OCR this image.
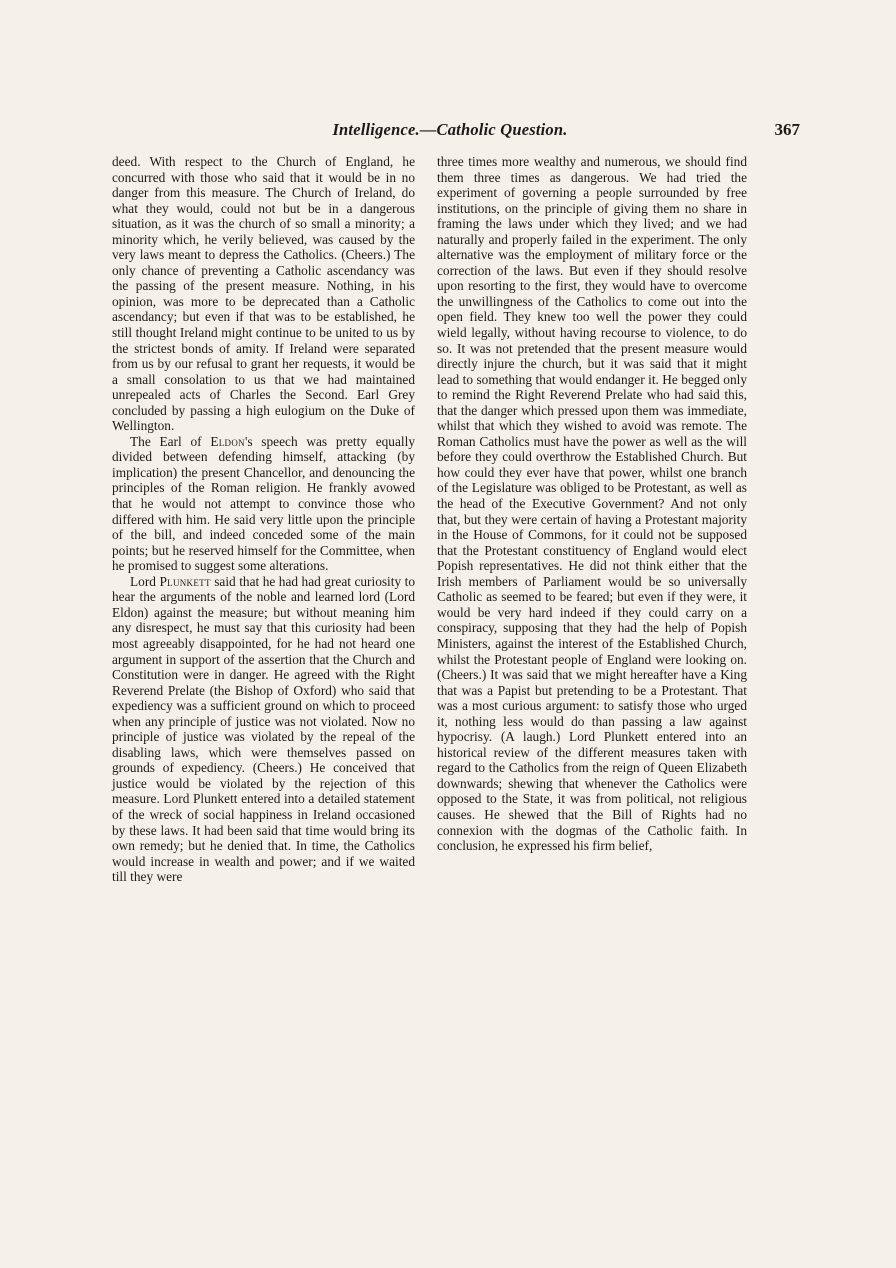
Intelligence.—Catholic Question.	367

deed. With respect to the Church of England, he concurred with those who said that it would be in no danger from this measure. The Church of Ireland, do what they would, could not but be in a dangerous situation, as it was the church of so small a minority; a minority which, he verily believed, was caused by the very laws meant to depress the Catholics. (Cheers.) The only chance of preventing a Catholic ascendancy was the passing of the present measure. Nothing, in his opinion, was more to be deprecated than a Catholic ascendancy; but even if that was to be established, he still thought Ireland might continue to be united to us by the strictest bonds of amity. If Ireland were separated from us by our refusal to grant her requests, it would be a small consolation to us that we had maintained unrepealed acts of Charles the Second. Earl Grey concluded by passing a high eulogium on the Duke of Wellington.

The Earl of Eldon's speech was pretty equally divided between defending himself, attacking (by implication) the present Chancellor, and denouncing the principles of the Roman religion. He frankly avowed that he would not attempt to convince those who differed with him. He said very little upon the principle of the bill, and indeed conceded some of the main points; but he reserved himself for the Committee, when he promised to suggest some alterations.

Lord Plunkett said that he had had great curiosity to hear the arguments of the noble and learned lord (Lord Eldon) against the measure; but without meaning him any disrespect, he must say that this curiosity had been most agreeably disappointed, for he had not heard one argument in support of the assertion that the Church and Constitution were in danger. He agreed with the Right Reverend Prelate (the Bishop of Oxford) who said that expediency was a sufficient ground on which to proceed when any principle of justice was not violated. Now no principle of justice was violated by the repeal of the disabling laws, which were themselves passed on grounds of expediency. (Cheers.) He conceived that justice would be violated by the rejection of this measure. Lord Plunkett entered into a detailed statement of the wreck of social happiness in Ireland occasioned by these laws. It had been said that time would bring its own remedy; but he denied that. In time, the Catholics would increase in wealth and power; and if we waited till they were

three times more wealthy and numerous, we should find them three times as dangerous. We had tried the experiment of governing a people surrounded by free institutions, on the principle of giving them no share in framing the laws under which they lived; and we had naturally and properly failed in the experiment. The only alternative was the employment of military force or the correction of the laws. But even if they should resolve upon resorting to the first, they would have to overcome the unwillingness of the Catholics to come out into the open field. They knew too well the power they could wield legally, without having recourse to violence, to do so. It was not pretended that the present measure would directly injure the church, but it was said that it might lead to something that would endanger it. He begged only to remind the Right Reverend Prelate who had said this, that the danger which pressed upon them was immediate, whilst that which they wished to avoid was remote. The Roman Catholics must have the power as well as the will before they could overthrow the Established Church. But how could they ever have that power, whilst one branch of the Legislature was obliged to be Protestant, as well as the head of the Executive Government? And not only that, but they were certain of having a Protestant majority in the House of Commons, for it could not be supposed that the Protestant constituency of England would elect Popish representatives. He did not think either that the Irish members of Parliament would be so universally Catholic as seemed to be feared; but even if they were, it would be very hard indeed if they could carry on a conspiracy, supposing that they had the help of Popish Ministers, against the interest of the Established Church, whilst the Protestant people of England were looking on. (Cheers.) It was said that we might hereafter have a King that was a Papist but pretending to be a Protestant. That was a most curious argument: to satisfy those who urged it, nothing less would do than passing a law against hypocrisy. (A laugh.) Lord Plunkett entered into an historical review of the different measures taken with regard to the Catholics from the reign of Queen Elizabeth downwards; shewing that whenever the Catholics were opposed to the State, it was from political, not religious causes. He shewed that the Bill of Rights had no connexion with the dogmas of the Catholic faith. In conclusion, he expressed his firm belief,
